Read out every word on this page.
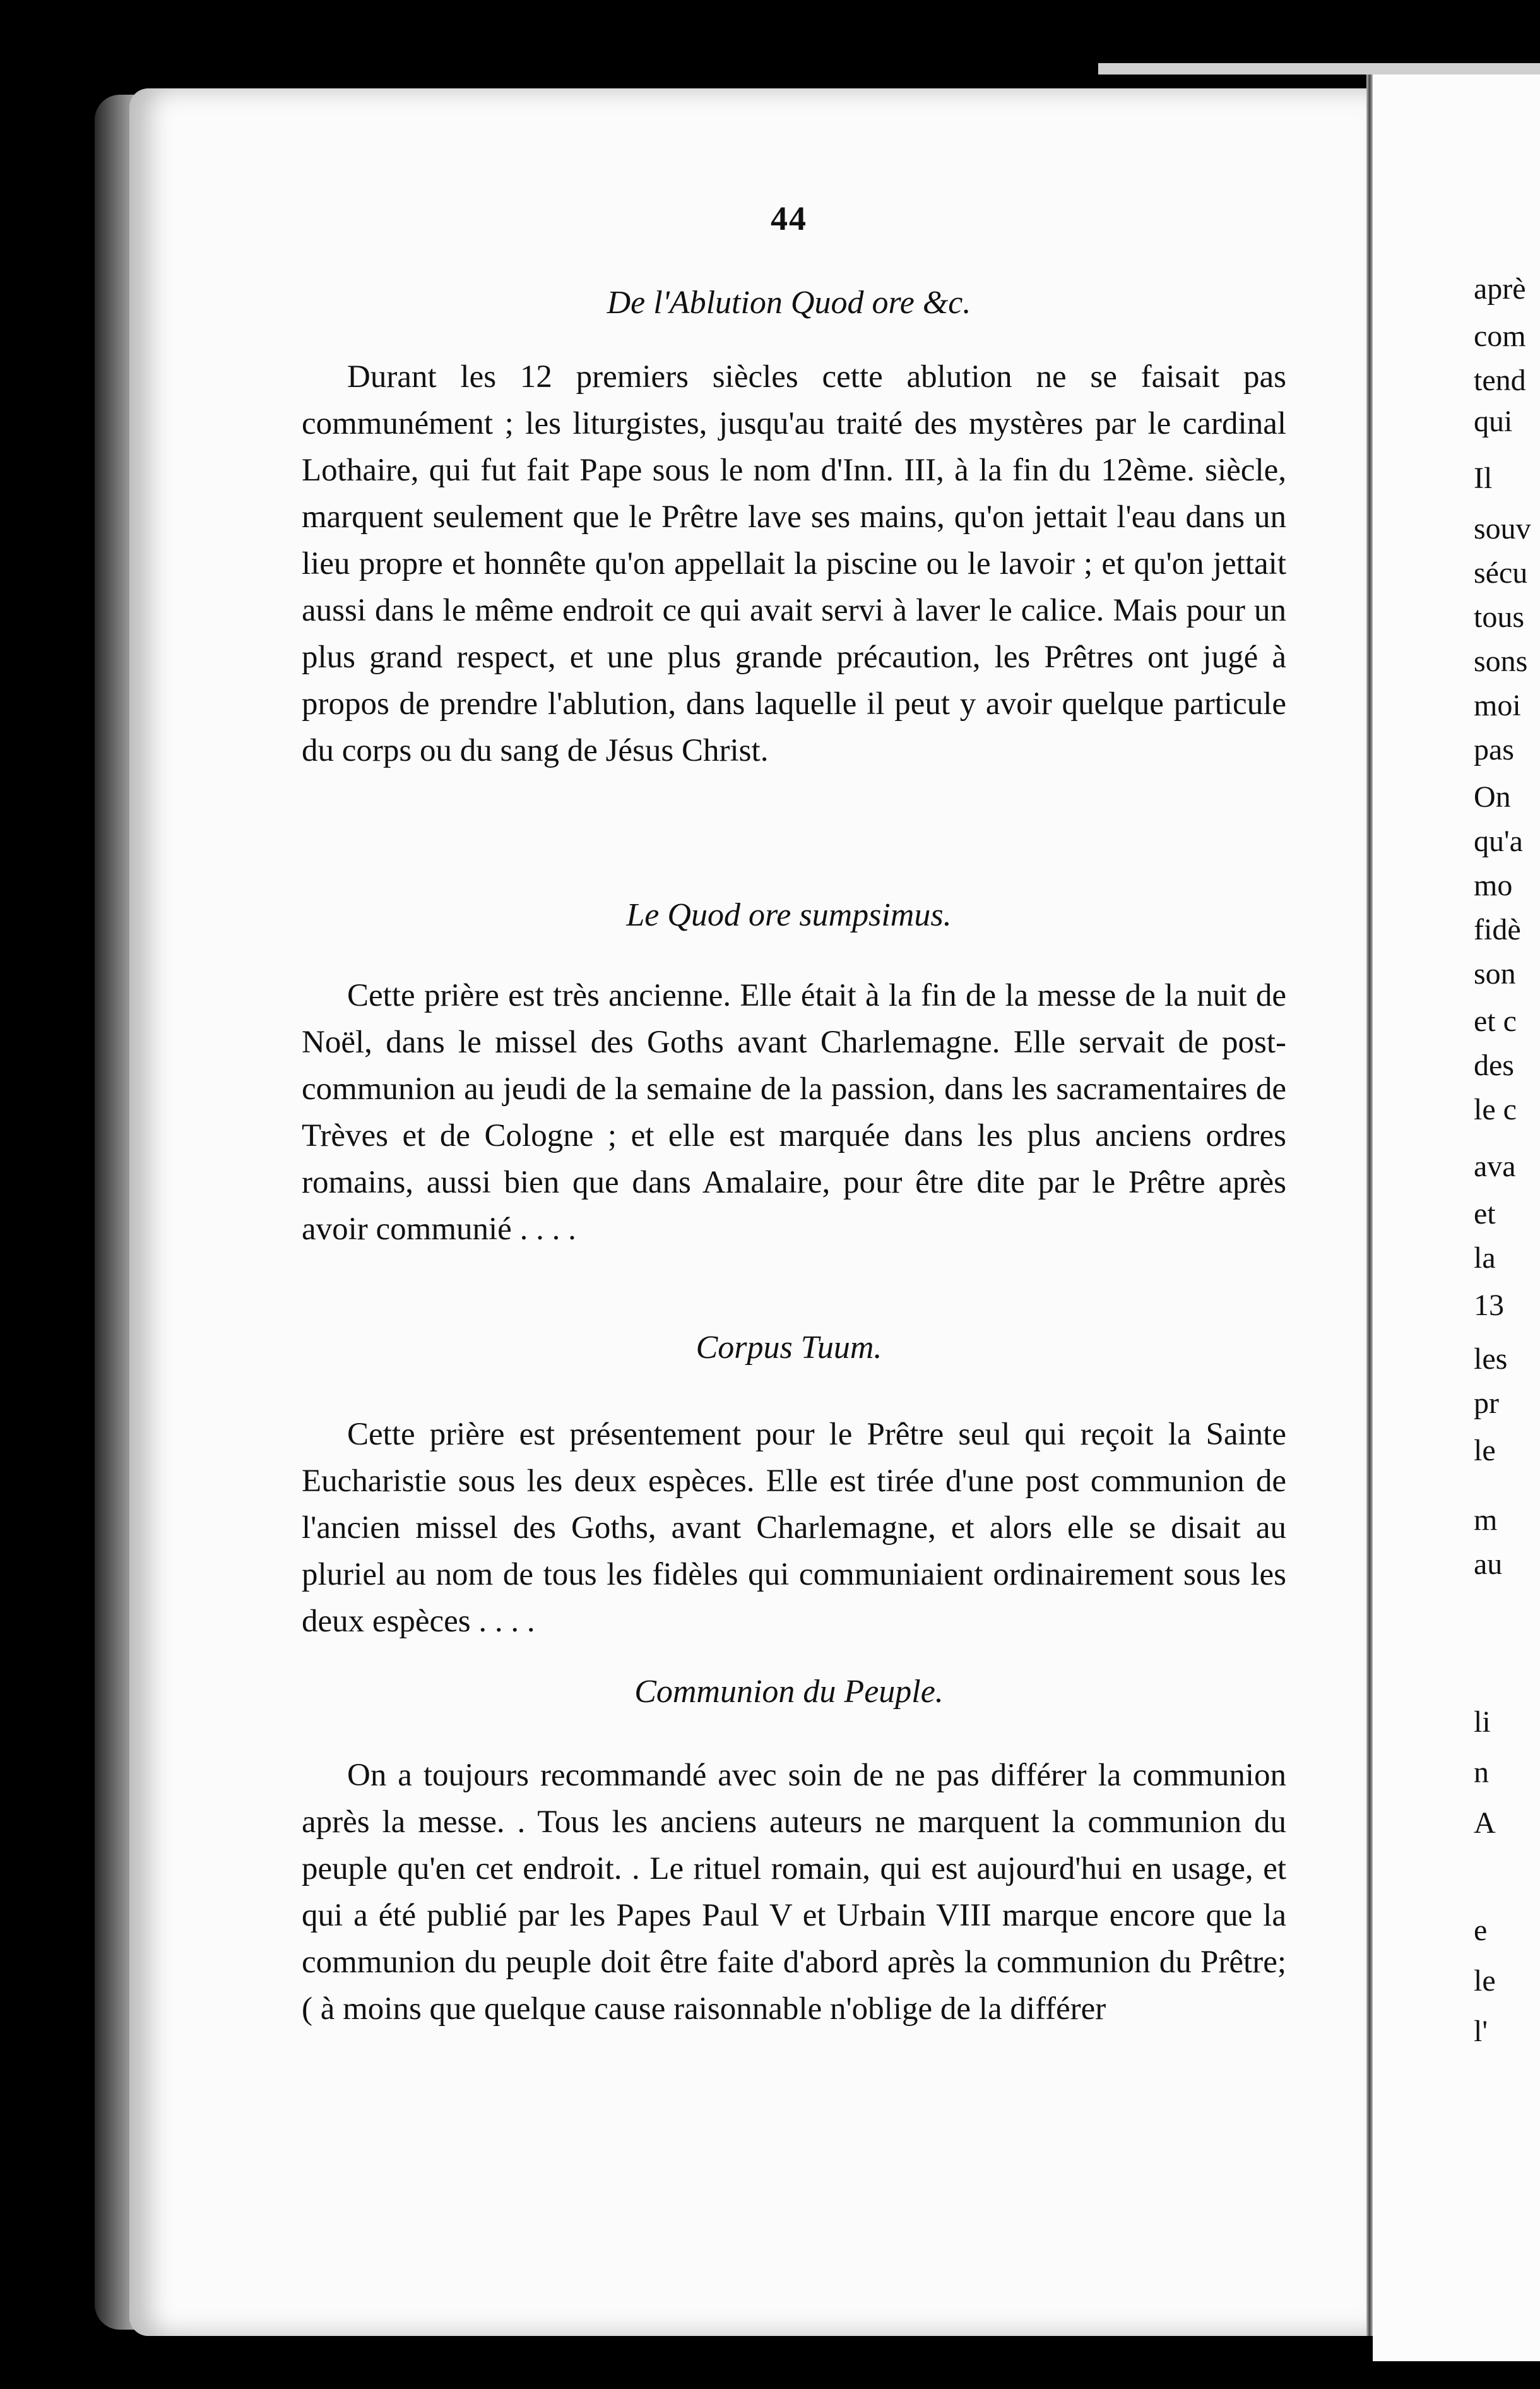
44
De l'Ablution Quod ore &c.

Durant les 12 premiers siècles cette ablution ne se faisait pas communément ; les liturgistes, jusqu'au traité des mystères par le cardinal Lothaire, qui fut fait Pape sous le nom d'Inn. III, à la fin du 12ème. siècle, marquent seulement que le Prêtre lave ses mains, qu'on jettait l'eau dans un lieu propre et honnête qu'on appellait la piscine ou le lavoir ; et qu'on jettait aussi dans le même endroit ce qui avait servi à laver le calice. Mais pour un plus grand respect, et une plus grande précaution, les Prêtres ont jugé à propos de prendre l'ablution, dans laquelle il peut y avoir quelque particule du corps ou du sang de Jésus Christ.

Le Quod ore sumpsimus.

Cette prière est très ancienne. Elle était à la fin de la messe de la nuit de Noël, dans le missel des Goths avant Charlemagne. Elle servait de post-communion au jeudi de la semaine de la passion, dans les sacramentaires de Trèves et de Cologne ; et elle est marquée dans les plus anciens ordres romains, aussi bien que dans Amalaire, pour être dite par le Prêtre après avoir communié . . . .

Corpus Tuum.

Cette prière est présentement pour le Prêtre seul qui reçoit la Sainte Eucharistie sous les deux espèces. Elle est tirée d'une post communion de l'ancien missel des Goths, avant Charlemagne, et alors elle se disait au pluriel au nom de tous les fidèles qui communiaient ordinairement sous les deux espèces . . . .

Communion du Peuple.

On a toujours recommandé avec soin de ne pas différer la communion après la messe. . Tous les anciens auteurs ne marquent la communion du peuple qu'en cet endroit. . Le rituel romain, qui est aujourd'hui en usage, et qui a été publié par les Papes Paul V et Urbain VIII marque encore que la communion du peuple doit être faite d'abord après la communion du Prêtre; ( à moins que quelque cause raisonnable n'oblige de la différer

aprè
com
tend
qui
Il
souv
sécu
tous
sons
moi
pas
On
qu'a
mo
fidè
son
et c
des
le c
ava
et
la
13
les
pr
le
m
au
li
n
A
e
le
l'
